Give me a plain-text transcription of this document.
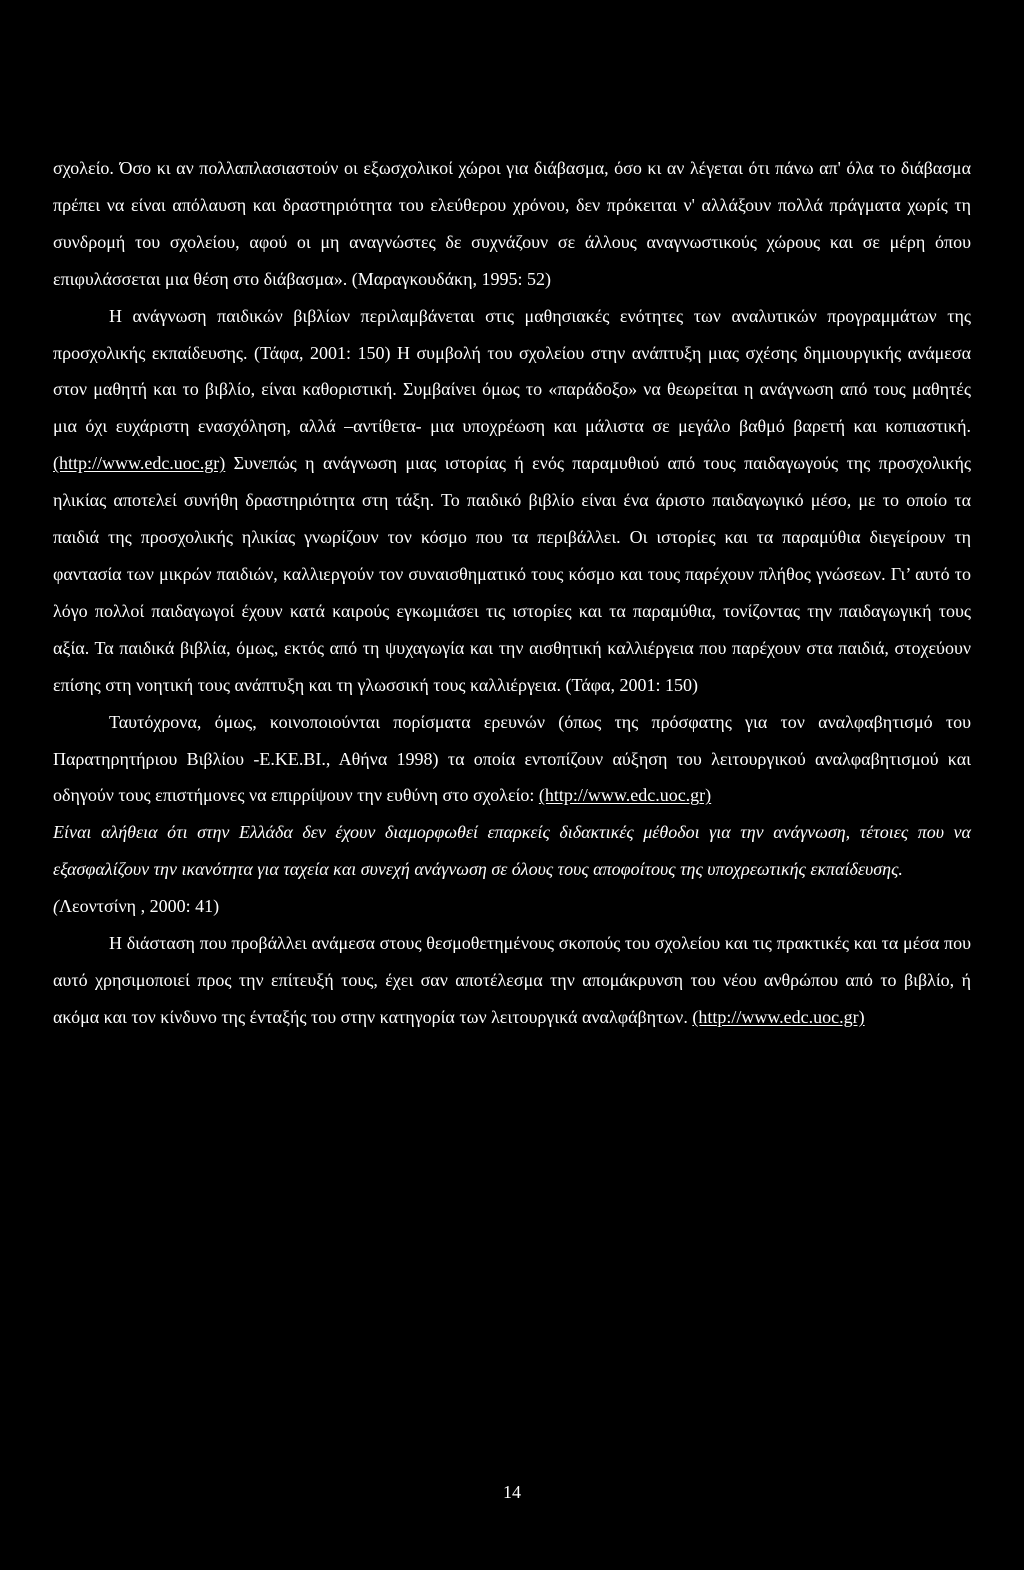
σχολείο. Όσο κι αν πολλαπλασιαστούν οι εξωσχολικοί χώροι για διάβασμα, όσο κι αν λέγεται ότι πάνω απ' όλα το διάβασμα πρέπει να είναι απόλαυση και δραστηριότητα του ελεύθερου χρόνου, δεν πρόκειται ν' αλλάξουν πολλά πράγματα χωρίς τη συνδρομή του σχολείου, αφού οι μη αναγνώστες δε συχνάζουν σε άλλους αναγνωστικούς χώρους και σε μέρη όπου επιφυλάσσεται μια θέση στο διάβασμα». (Μαραγκουδάκη, 1995: 52)

Η ανάγνωση παιδικών βιβλίων περιλαμβάνεται στις μαθησιακές ενότητες των αναλυτικών προγραμμάτων της προσχολικής εκπαίδευσης. (Τάφα, 2001: 150) Η συμβολή του σχολείου στην ανάπτυξη μιας σχέσης δημιουργικής ανάμεσα στον μαθητή και το βιβλίο, είναι καθοριστική. Συμβαίνει όμως το «παράδοξο» να θεωρείται η ανάγνωση από τους μαθητές μια όχι ευχάριστη ενασχόληση, αλλά –αντίθετα- μια υποχρέωση και μάλιστα σε μεγάλο βαθμό βαρετή και κοπιαστική. (http://www.edc.uoc.gr) Συνεπώς η ανάγνωση μιας ιστορίας ή ενός παραμυθιού από τους παιδαγωγούς της προσχολικής ηλικίας αποτελεί συνήθη δραστηριότητα στη τάξη. Το παιδικό βιβλίο είναι ένα άριστο παιδαγωγικό μέσο, με το οποίο τα παιδιά της προσχολικής ηλικίας γνωρίζουν τον κόσμο που τα περιβάλλει. Οι ιστορίες και τα παραμύθια διεγείρουν τη φαντασία των μικρών παιδιών, καλλιεργούν τον συναισθηματικό τους κόσμο και τους παρέχουν πλήθος γνώσεων. Γι’ αυτό το λόγο πολλοί παιδαγωγοί έχουν κατά καιρούς εγκωμιάσει τις ιστορίες και τα παραμύθια, τονίζοντας την παιδαγωγική τους αξία. Τα παιδικά βιβλία, όμως, εκτός από τη ψυχαγωγία και την αισθητική καλλιέργεια που παρέχουν στα παιδιά, στοχεύουν επίσης στη νοητική τους ανάπτυξη και τη γλωσσική τους καλλιέργεια. (Τάφα, 2001: 150)

Ταυτόχρονα, όμως, κοινοποιούνται πορίσματα ερευνών (όπως της πρόσφατης για τον αναλφαβητισμό του Παρατηρητήριου Βιβλίου -Ε.ΚΕ.ΒΙ., Αθήνα 1998) τα οποία εντοπίζουν αύξηση του λειτουργικού αναλφαβητισμού και οδηγούν τους επιστήμονες να επιρρίψουν την ευθύνη στο σχολείο: (http://www.edc.uoc.gr)

Είναι αλήθεια ότι στην Ελλάδα δεν έχουν διαμορφωθεί επαρκείς διδακτικές μέθοδοι για την ανάγνωση, τέτοιες που να εξασφαλίζουν την ικανότητα για ταχεία και συνεχή ανάγνωση σε όλους τους αποφοίτους της υποχρεωτικής εκπαίδευσης.

(Λεοντσίνη , 2000: 41)

Η διάσταση που προβάλλει ανάμεσα στους θεσμοθετημένους σκοπούς του σχολείου και τις πρακτικές και τα μέσα που αυτό χρησιμοποιεί προς την επίτευξή τους, έχει σαν αποτέλεσμα την απομάκρυνση του νέου ανθρώπου από το βιβλίο, ή ακόμα και τον κίνδυνο της ένταξής του στην κατηγορία των λειτουργικά αναλφάβητων. (http://www.edc.uoc.gr)

14
